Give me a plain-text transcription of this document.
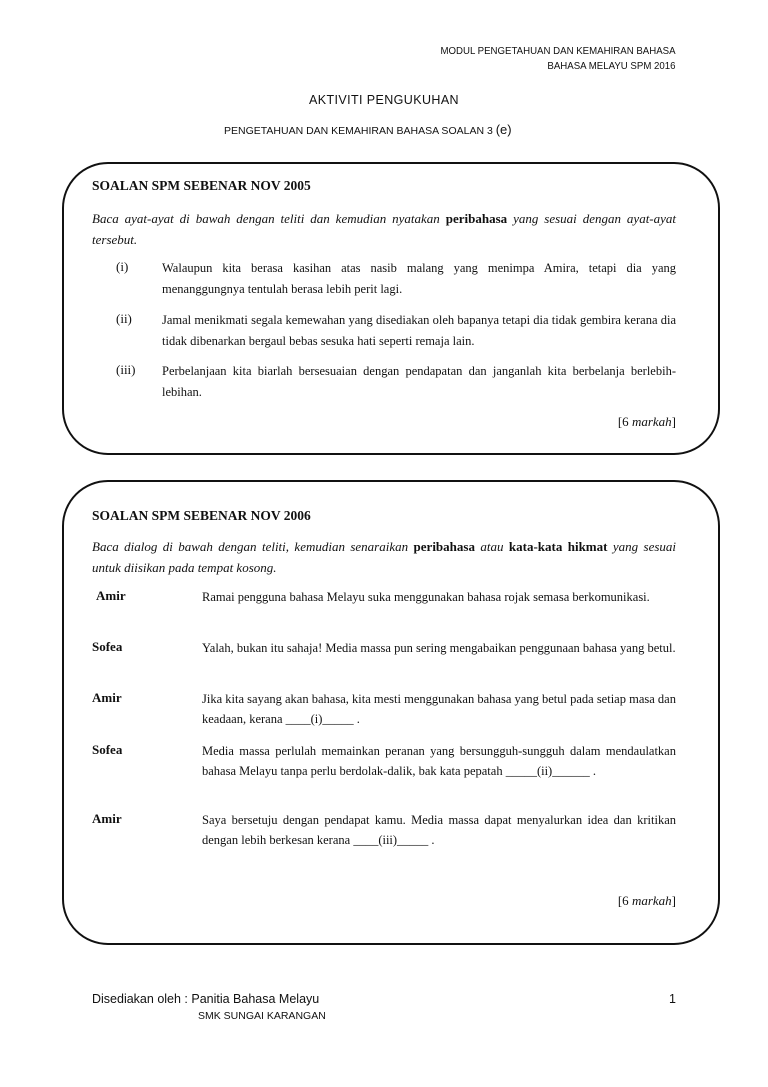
MODUL PENGETAHUAN DAN KEMAHIRAN BAHASA
BAHASA MELAYU SPM 2016
AKTIVITI PENGUKUHAN
PENGETAHUAN DAN KEMAHIRAN BAHASA SOALAN 3 (e)
SOALAN SPM SEBENAR NOV 2005
Baca ayat-ayat di bawah dengan teliti dan kemudian nyatakan peribahasa yang sesuai dengan ayat-ayat tersebut.
(i)	Walaupun kita berasa kasihan atas nasib malang yang menimpa Amira, tetapi dia yang menanggungnya tentulah berasa lebih perit lagi.
(ii) Jamal menikmati segala kemewahan yang disediakan oleh bapanya tetapi dia tidak gembira kerana dia tidak dibenarkan bergaul bebas sesuka hati seperti remaja lain.
(iii) Perbelanjaan kita biarlah bersesuaian dengan pendapatan dan janganlah kita berbelanja berlebih-lebihan.
[6 markah]
SOALAN SPM SEBENAR NOV 2006
Baca dialog di bawah dengan teliti, kemudian senaraikan peribahasa atau kata-kata hikmat yang sesuai untuk diisikan pada tempat kosong.
Amir	Ramai pengguna bahasa Melayu suka menggunakan bahasa rojak semasa berkomunikasi.
Sofea	Yalah, bukan itu sahaja! Media massa pun sering mengabaikan penggunaan bahasa yang betul.
Amir	Jika kita sayang akan bahasa, kita mesti menggunakan bahasa yang betul pada setiap masa dan keadaan, kerana ____(i)_____ .
Sofea	Media massa perlulah memainkan peranan yang bersungguh-sungguh dalam mendaulatkan bahasa Melayu tanpa perlu berdolak-dalik, bak kata pepatah _____(ii)______ .
Amir	Saya bersetuju dengan pendapat kamu. Media massa dapat menyalurkan idea dan kritikan dengan lebih berkesan kerana ____(iii)_____ .
[6 markah]
Disediakan oleh : Panitia Bahasa Melayu	1
SMK SUNGAI KARANGAN
